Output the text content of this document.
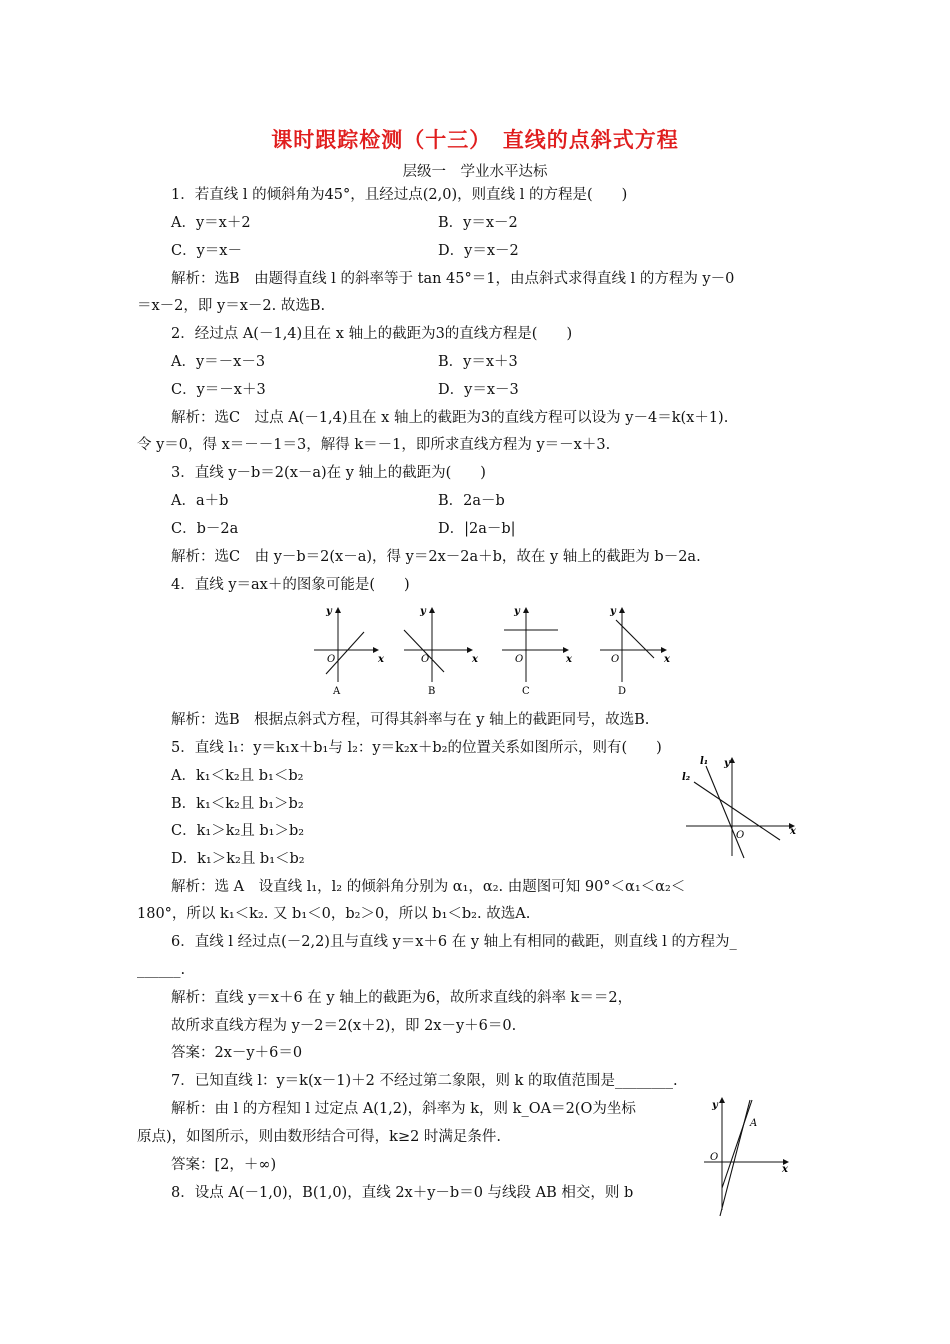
课时跟踪检测（十三）　直线的点斜式方程
层级一　学业水平达标
1．若直线 l 的倾斜角为45°，且经过点(2,0)，则直线 l 的方程是(　　)
A．y＝x＋2	B．y＝x－2
C．y＝x－	D．y＝x－2
解析：选B　由题得直线 l 的斜率等于 tan 45°＝1，由点斜式求得直线 l 的方程为 y－0
＝x－2，即 y＝x－2. 故选B.
2．经过点 A(－1,4)且在 x 轴上的截距为3的直线方程是(　　)
A．y＝－x－3	B．y＝x＋3
C．y＝－x＋3	D．y＝x－3
解析：选C　过点 A(－1,4)且在 x 轴上的截距为3的直线方程可以设为 y－4＝k(x＋1).
令 y＝0，得 x＝－－1＝3，解得 k＝－1，即所求直线方程为 y＝－x＋3.
3．直线 y－b＝2(x－a)在 y 轴上的截距为(　　)
A．a＋b	B．2a－b
C．b－2a	D．|2a－b|
解析：选C　由 y－b＝2(x－a)，得 y＝2x－2a＋b，故在 y 轴上的截距为 b－2a.
4．直线 y＝ax＋的图象可能是(　　)
y
x
O
A
y
x
O
B
y
x
O
C
y
x
O
D
解析：选B　根据点斜式方程，可得其斜率与在 y 轴上的截距同号，故选B.
5．直线 l₁：y＝k₁x＋b₁与 l₂：y＝k₂x＋b₂的位置关系如图所示，则有(　　)
A．k₁＜k₂且 b₁＜b₂
B．k₁＜k₂且 b₁＞b₂
C．k₁＞k₂且 b₁＞b₂
D．k₁＞k₂且 b₁＜b₂
l₁
l₂
y
x
O
解析：选 A　设直线 l₁，l₂ 的倾斜角分别为 α₁，α₂. 由题图可知 90°＜α₁＜α₂＜
180°，所以 k₁＜k₂. 又 b₁＜0，b₂＞0，所以 b₁＜b₂. 故选A.
6．直线 l 经过点(－2,2)且与直线 y＝x＋6 在 y 轴上有相同的截距，则直线 l 的方程为_
______.
解析：直线 y＝x＋6 在 y 轴上的截距为6，故所求直线的斜率 k＝＝2，
故所求直线方程为 y－2＝2(x＋2)，即 2x－y＋6＝0.
答案：2x－y＋6＝0
7．已知直线 l：y＝k(x－1)＋2 不经过第二象限，则 k 的取值范围是________.
解析：由 l 的方程知 l 过定点 A(1,2)，斜率为 k，则 k_OA＝2(O为坐标
原点)，如图所示，则由数形结合可得，k≥2 时满足条件.
答案：[2，＋∞)
y
x
O
A
8．设点 A(－1,0)，B(1,0)，直线 2x＋y－b＝0 与线段 AB 相交，则 b
